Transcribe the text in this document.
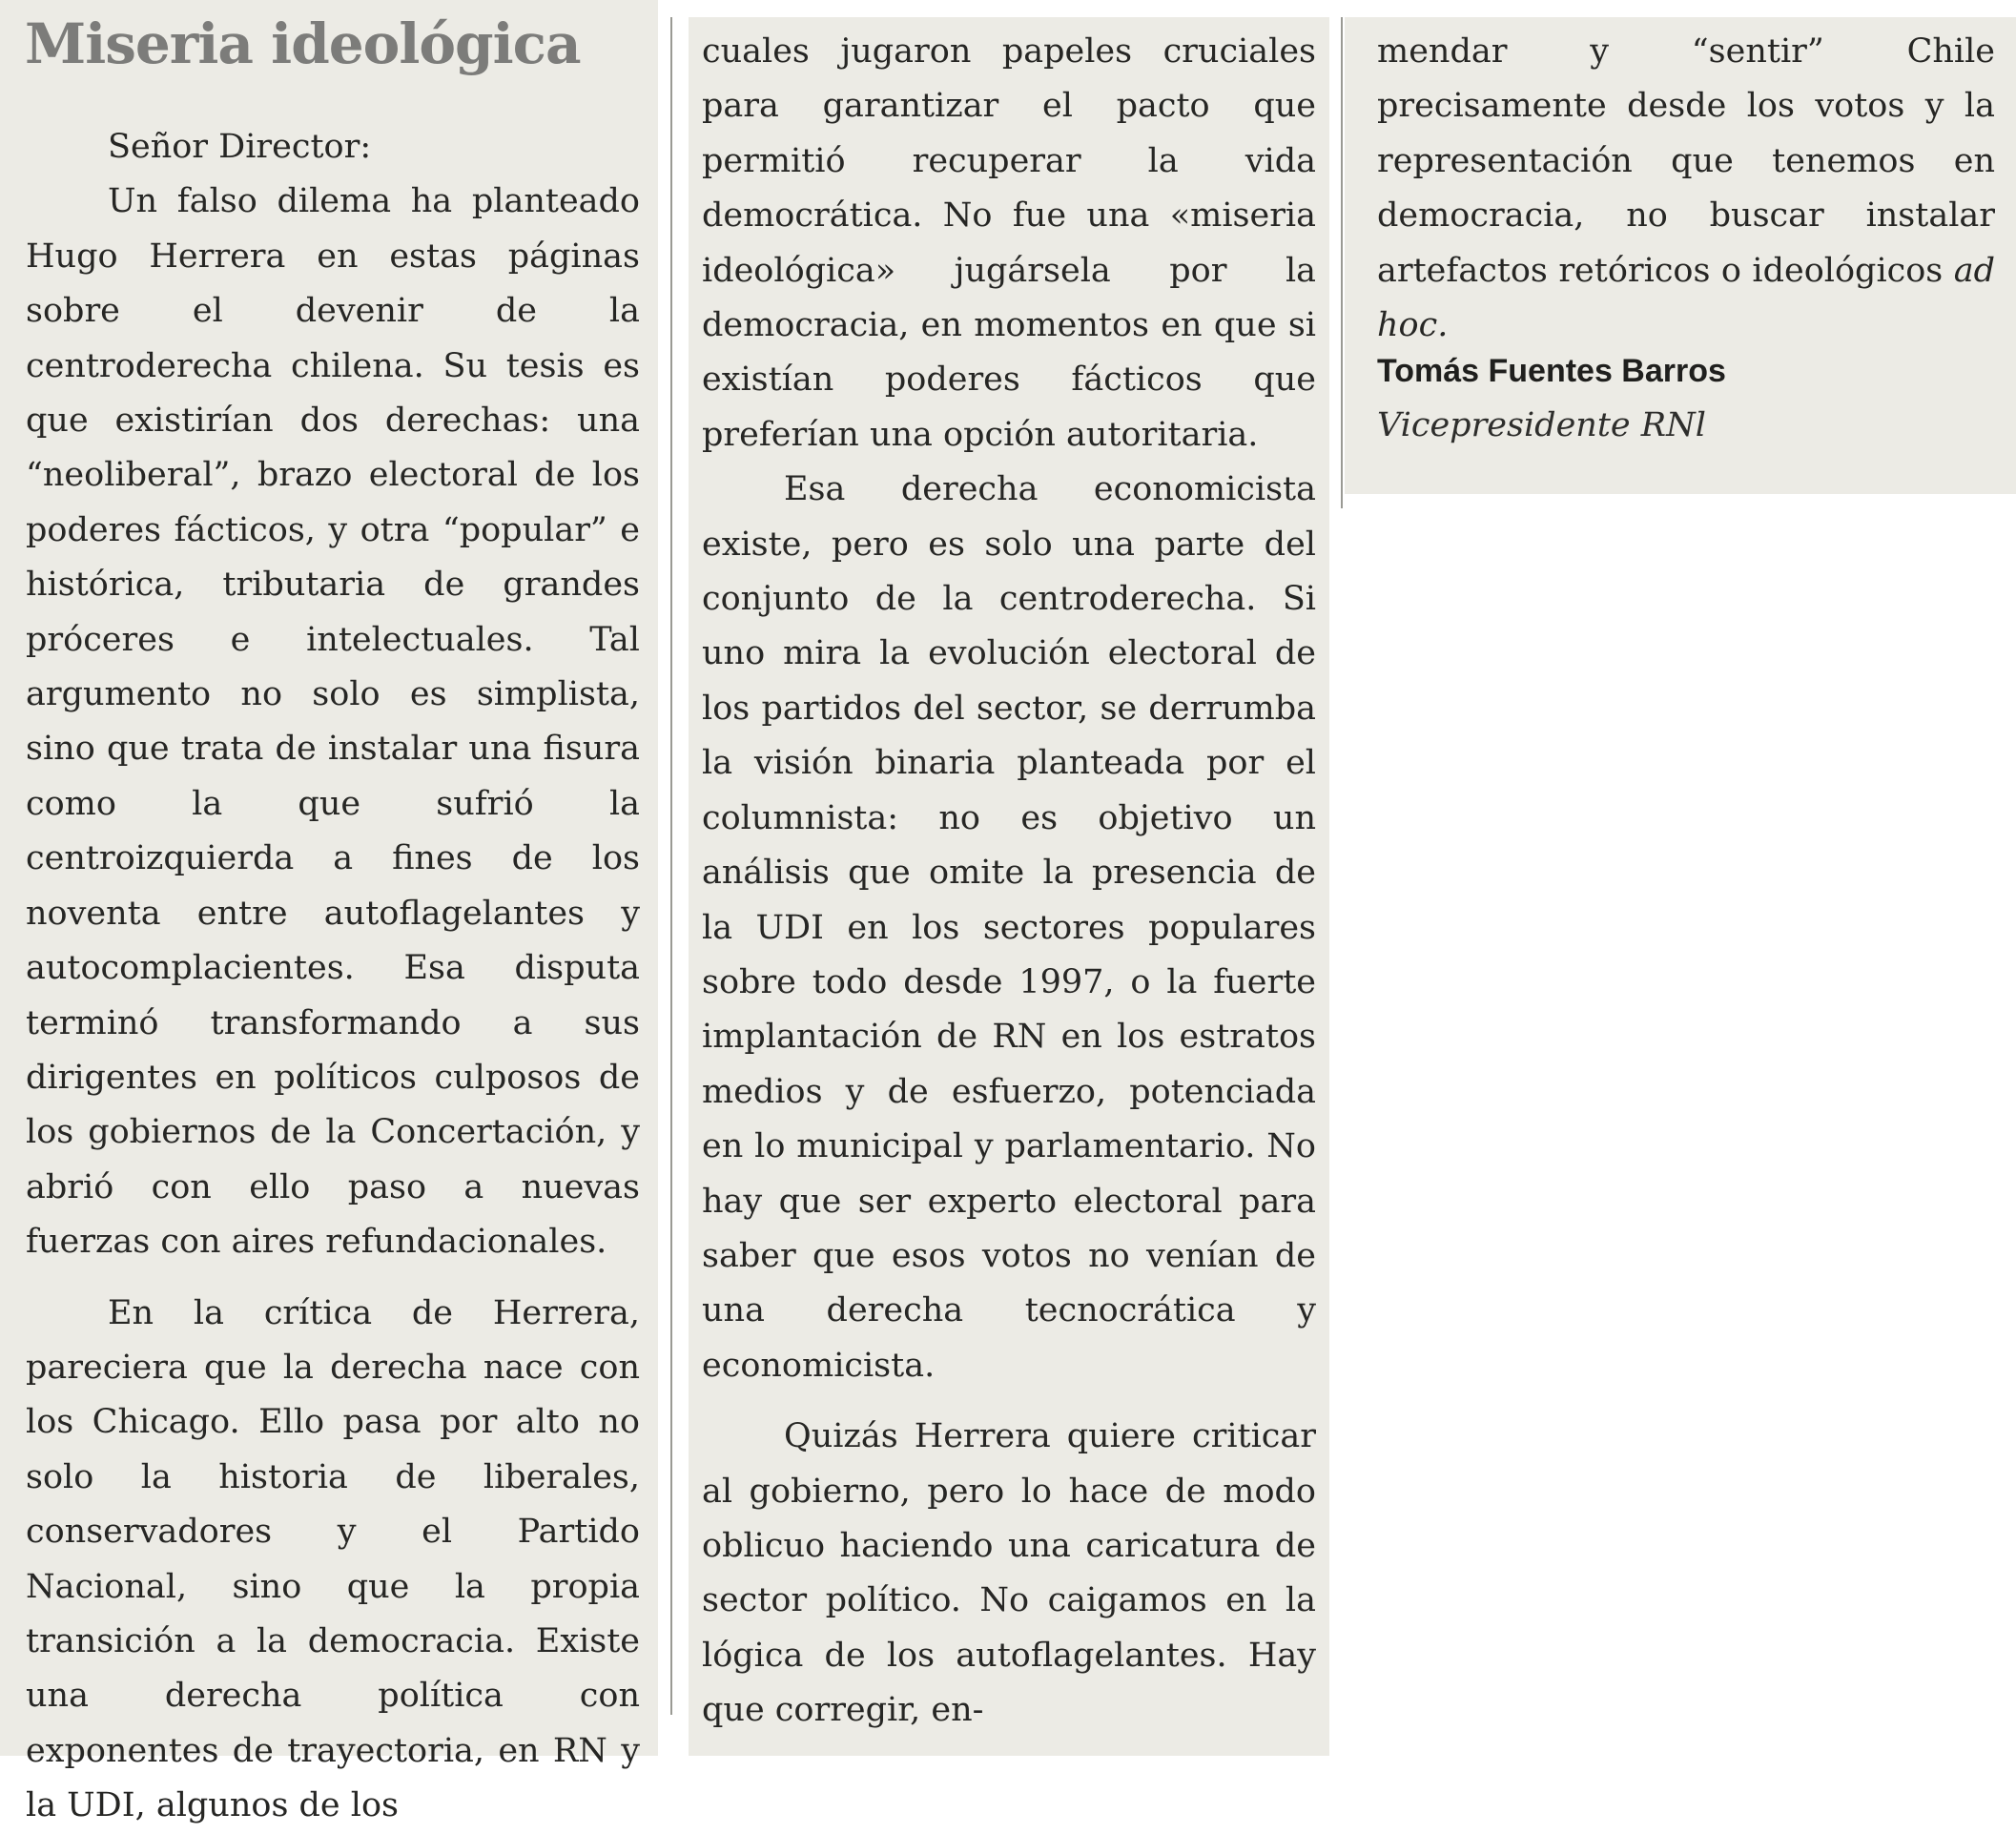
Miseria ideológica

Señor Director:

Un falso dilema ha planteado Hugo Herrera en estas páginas sobre el devenir de la centroderecha chilena. Su tesis es que existirían dos derechas: una “neoliberal”, brazo electoral de los poderes fácticos, y otra “popular” e histórica, tributaria de grandes próceres e intelectuales. Tal argumento no solo es simplista, sino que trata de instalar una fisura como la que sufrió la centroizquierda a fines de los noventa entre autoflagelantes y autocomplacientes. Esa disputa terminó transformando a sus dirigentes en políticos culposos de los gobiernos de la Concertación, y abrió con ello paso a nuevas fuerzas con aires refundacionales.

En la crítica de Herrera, pareciera que la derecha nace con los Chicago. Ello pasa por alto no solo la historia de liberales, conservadores y el Partido Nacional, sino que la propia transición a la democracia. Existe una derecha política con exponentes de trayectoria, en RN y la UDI, algunos de los

cuales jugaron papeles cruciales para garantizar el pacto que permitió recuperar la vida democrática. No fue una «miseria ideológica» jugársela por la democracia, en momentos en que si existían poderes fácticos que preferían una opción autoritaria.

Esa derecha economicista existe, pero es solo una parte del conjunto de la centroderecha. Si uno mira la evolución electoral de los partidos del sector, se derrumba la visión binaria planteada por el columnista: no es objetivo un análisis que omite la presencia de la UDI en los sectores populares sobre todo desde 1997, o la fuerte implantación de RN en los estratos medios y de esfuerzo, potenciada en lo municipal y parlamentario. No hay que ser experto electoral para saber que esos votos no venían de una derecha tecnocrática y economicista.

Quizás Herrera quiere criticar al gobierno, pero lo hace de modo oblicuo haciendo una caricatura de sector político. No caigamos en la lógica de los autoflagelantes. Hay que corregir, en-

mendar y “sentir” Chile precisamente desde los votos y la representación que tenemos en democracia, no buscar instalar artefactos retóricos o ideológicos ad hoc.

Tomás Fuentes Barros

Vicepresidente RNl
